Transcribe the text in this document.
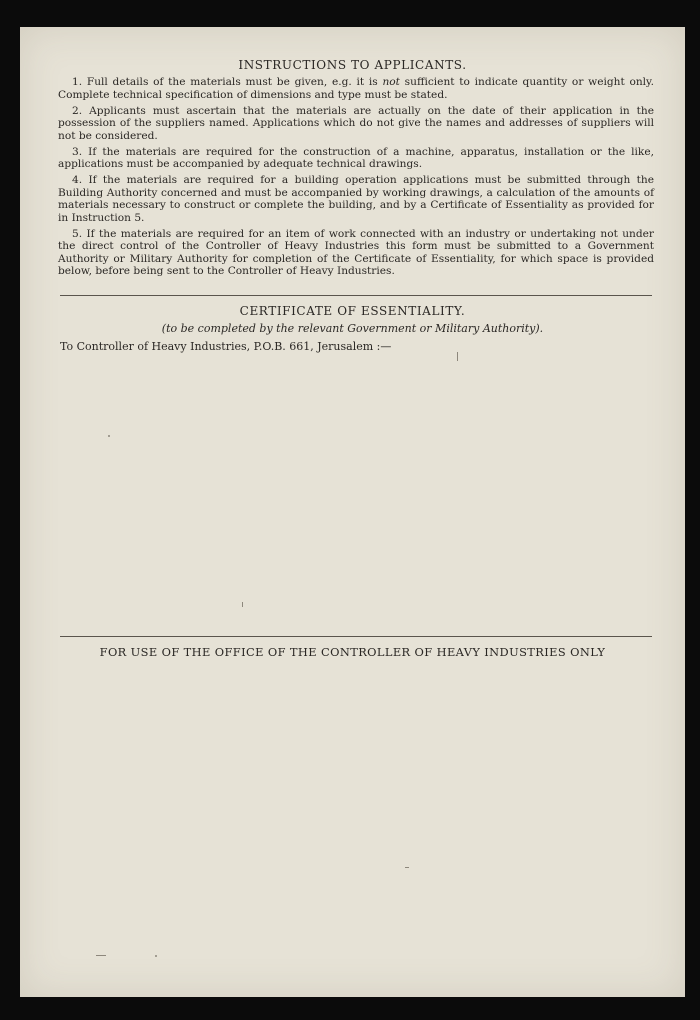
INSTRUCTIONS TO APPLICANTS.

1. Full details of the materials must be given, e.g. it is not sufficient to indicate quantity or weight only. Complete technical specification of dimensions and type must be stated.

2. Applicants must ascertain that the materials are actually on the date of their application in the possession of the suppliers named. Applications which do not give the names and addresses of suppliers will not be considered.

3. If the materials are required for the construction of a machine, apparatus, installation or the like, applications must be accompanied by adequate technical drawings.

4. If the materials are required for a building operation applications must be submitted through the Building Authority concerned and must be accompanied by working drawings, a calculation of the amounts of materials necessary to construct or complete the building, and by a Certificate of Essentiality as provided for in Instruction 5.

5. If the materials are required for an item of work connected with an industry or undertaking not under the direct control of the Controller of Heavy Industries this form must be submitted to a Government Authority or Military Authority for completion of the Certificate of Essentiality, for which space is provided below, before being sent to the Controller of Heavy Industries.

CERTIFICATE OF ESSENTIALITY.
(to be completed by the relevant Government or Military Authority).
To Controller of Heavy Industries, P.O.B. 661, Jerusalem :—
FOR USE OF THE OFFICE OF THE CONTROLLER OF HEAVY INDUSTRIES ONLY
